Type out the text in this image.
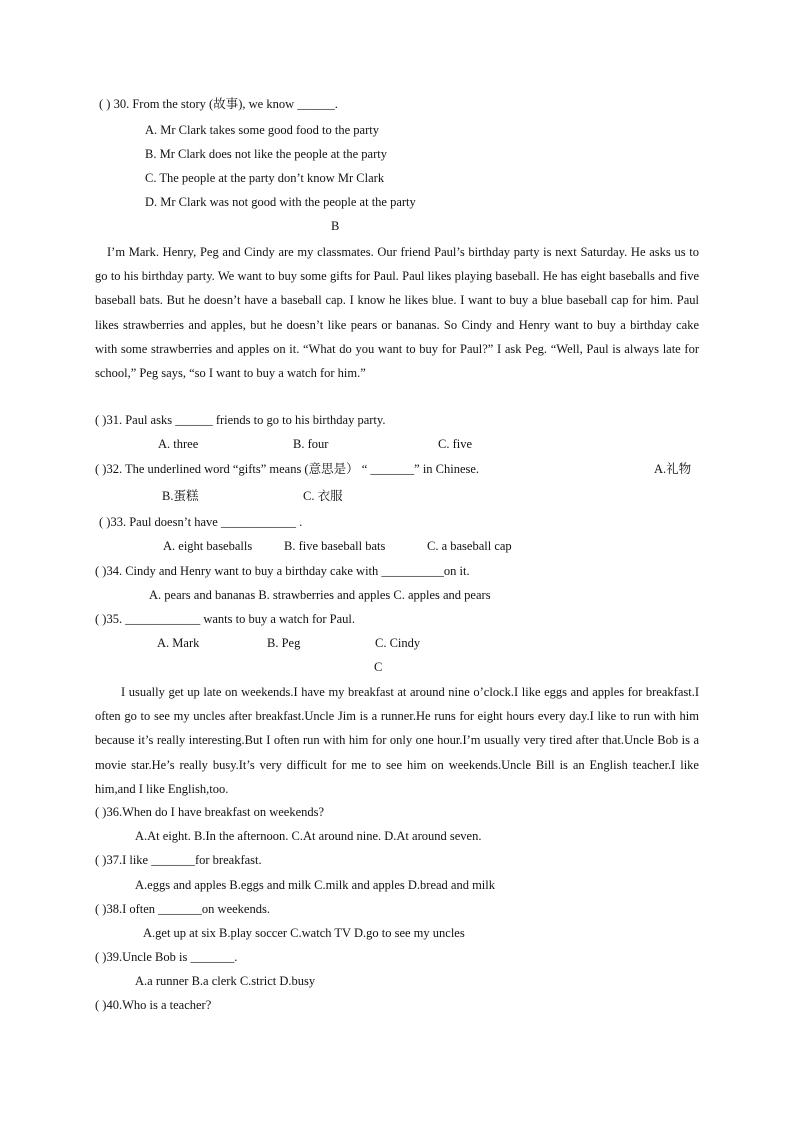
( ) 30. From the story (故事), we know ______.
A. Mr Clark takes some good food to the party
B. Mr Clark does not like the people at the party
C. The people at the party don’t know Mr Clark
D. Mr Clark was not good with the people at the party
B
I’m Mark. Henry, Peg and Cindy are my classmates. Our friend Paul’s birthday party is next Saturday. He asks us to go to his birthday party. We want to buy some gifts for Paul. Paul likes playing baseball. He has eight baseballs and five baseball bats. But he doesn’t have a baseball cap. I know he likes blue. I want to buy a blue baseball cap for him. Paul likes strawberries and apples, but he doesn’t like pears or bananas. So Cindy and Henry want to buy a birthday cake with some strawberries and apples on it. “What do you want to buy for Paul?” I ask Peg. “Well, Paul is always late for school,” Peg says, “so I want to buy a watch for him.”
( )31. Paul asks ______ friends to go to his birthday party.
A. three	B. four	C. five
( )32. The underlined word “gifts” means (意思是） “ _______” in Chinese.	A.礼物
B.蛋糕	C. 衣服
( )33. Paul doesn’t have ____________ .
A. eight baseballs	B. five baseball bats	C. a baseball cap
( )34. Cindy and Henry want to buy a birthday cake with __________on it.
A. pears and bananas B. strawberries and apples C. apples and pears
( )35. ____________ wants to buy a watch for Paul.
A. Mark	B. Peg	C. Cindy
C
I usually get up late on weekends.I have my breakfast at around nine o’clock.I like eggs and apples for breakfast.I often go to see my uncles after breakfast.Uncle Jim is a runner.He runs for eight hours every day.I like to run with him because it’s really interesting.But I often run with him for only one hour.I’m usually very tired after that.Uncle Bob is a movie star.He’s really busy.It’s very difficult for me to see him on weekends.Uncle Bill is an English teacher.I like him,and I like English,too.
( )36.When do I have breakfast on weekends?
A.At eight. B.In the afternoon. C.At around nine. D.At around seven.
( )37.I like _______for breakfast.
A.eggs and apples B.eggs and milk C.milk and apples D.bread and milk
( )38.I often _______on weekends.
A.get up at six B.play soccer C.watch TV D.go to see my uncles
( )39.Uncle Bob is _______.
A.a runner B.a clerk C.strict D.busy
( )40.Who is a teacher?
